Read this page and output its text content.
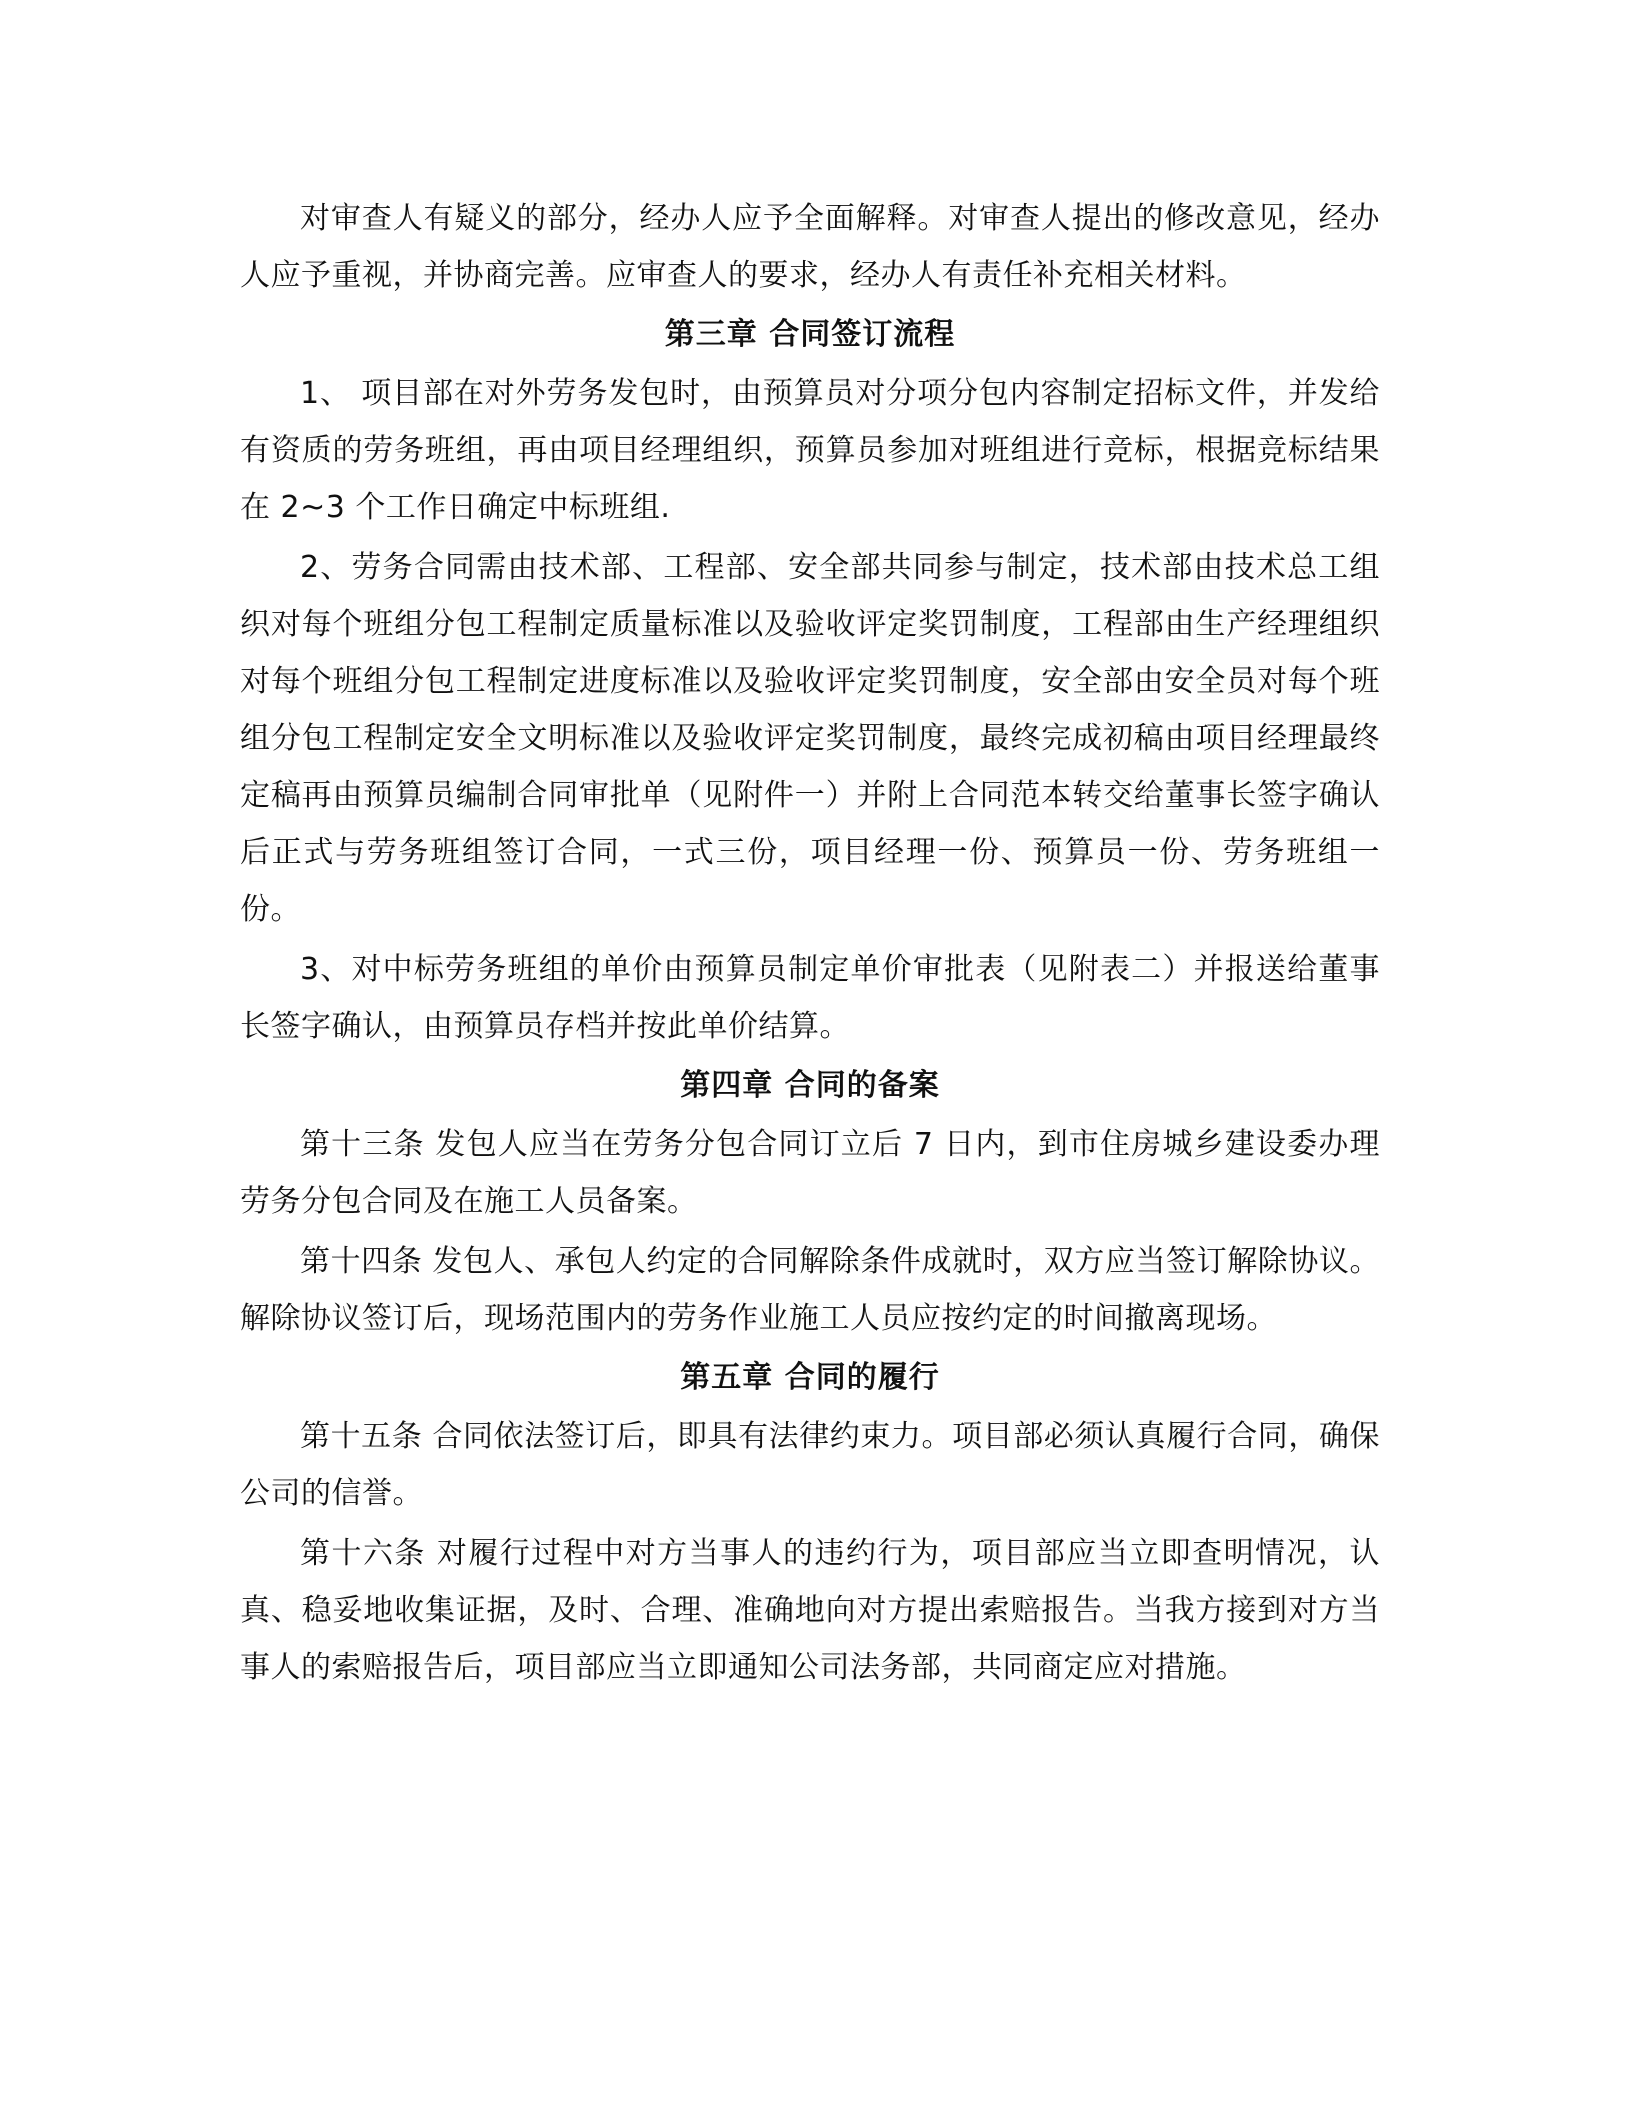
对审查人有疑义的部分，经办人应予全面解释。对审查人提出的修改意见，经办人应予重视，并协商完善。应审查人的要求，经办人有责任补充相关材料。

第三章 合同签订流程

1、 项目部在对外劳务发包时，由预算员对分项分包内容制定招标文件，并发给有资质的劳务班组，再由项目经理组织，预算员参加对班组进行竞标，根据竞标结果在 2~3 个工作日确定中标班组.

2、劳务合同需由技术部、工程部、安全部共同参与制定，技术部由技术总工组织对每个班组分包工程制定质量标准以及验收评定奖罚制度，工程部由生产经理组织对每个班组分包工程制定进度标准以及验收评定奖罚制度，安全部由安全员对每个班组分包工程制定安全文明标准以及验收评定奖罚制度，最终完成初稿由项目经理最终定稿再由预算员编制合同审批单（见附件一）并附上合同范本转交给董事长签字确认后正式与劳务班组签订合同，一式三份，项目经理一份、预算员一份、劳务班组一份。

3、对中标劳务班组的单价由预算员制定单价审批表（见附表二）并报送给董事长签字确认，由预算员存档并按此单价结算。

第四章 合同的备案

第十三条 发包人应当在劳务分包合同订立后 7 日内，到市住房城乡建设委办理劳务分包合同及在施工人员备案。

第十四条 发包人、承包人约定的合同解除条件成就时，双方应当签订解除协议。解除协议签订后，现场范围内的劳务作业施工人员应按约定的时间撤离现场。

第五章 合同的履行

第十五条 合同依法签订后，即具有法律约束力。项目部必须认真履行合同，确保公司的信誉。

第十六条 对履行过程中对方当事人的违约行为，项目部应当立即查明情况，认真、稳妥地收集证据，及时、合理、准确地向对方提出索赔报告。当我方接到对方当事人的索赔报告后，项目部应当立即通知公司法务部，共同商定应对措施。
